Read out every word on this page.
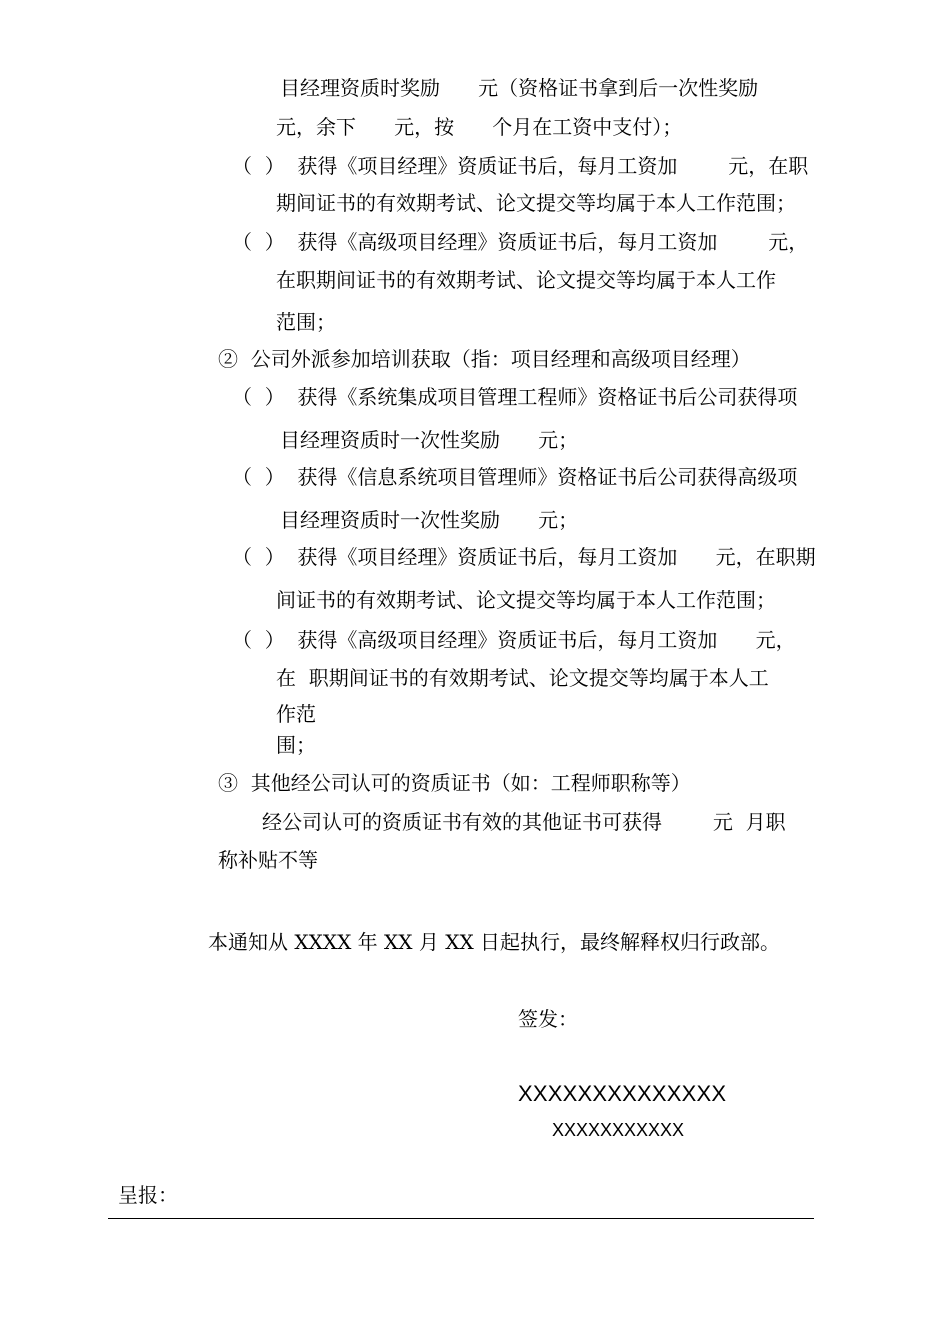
目经理资质时奖励      元（资格证书拿到后一次性奖励

元，余下      元，按      个月在工资中支付）；

（  ）  获得《项目经理》资质证书后，每月工资加        元，在职

期间证书的有效期考试、论文提交等均属于本人工作范围；

（  ）  获得《高级项目经理》资质证书后，每月工资加        元，

在职期间证书的有效期考试、论文提交等均属于本人工作

范围；

②  公司外派参加培训获取（指：项目经理和高级项目经理）

（  ）  获得《系统集成项目管理工程师》资格证书后公司获得项

目经理资质时一次性奖励      元；

（  ）  获得《信息系统项目管理师》资格证书后公司获得高级项

目经理资质时一次性奖励      元；

（  ）  获得《项目经理》资质证书后，每月工资加      元，在职期

间证书的有效期考试、论文提交等均属于本人工作范围；

（  ）  获得《高级项目经理》资质证书后，每月工资加      元，

在  职期间证书的有效期考试、论文提交等均属于本人工

作范

围；

③  其他经公司认可的资质证书（如：工程师职称等）

经公司认可的资质证书有效的其他证书可获得        元  月职

称补贴不等

本通知从 XXXX 年 XX 月 XX 日起执行，最终解释权归行政部。

签发：

XXXXXXXXXXXXXX

XXXXXXXXXXX

呈报：
